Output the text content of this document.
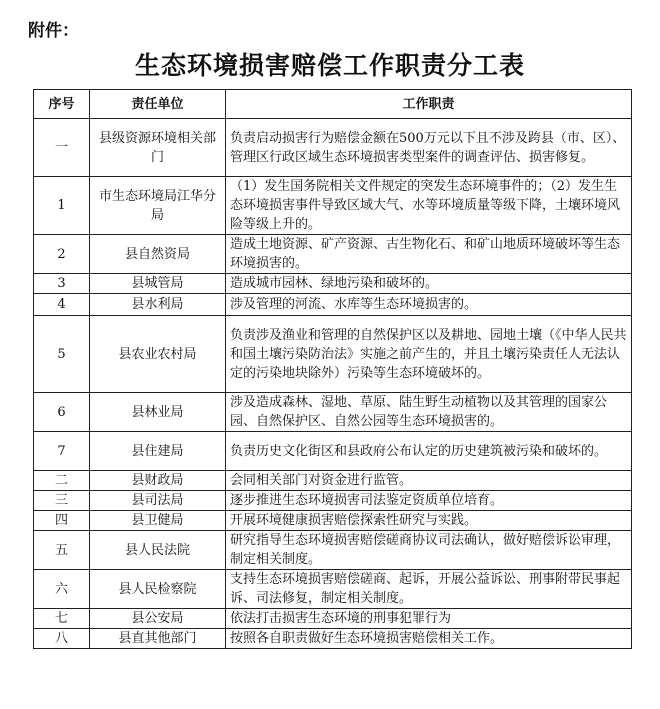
附件：
生态环境损害赔偿工作职责分工表
序号	责任单位	工作职责
一	县级资源环境相关部门	负责启动损害行为赔偿金额在500万元以下且不涉及跨县（市、区）、管理区行政区域生态环境损害类型案件的调查评估、损害修复。
1	市生态环境局江华分局	（1）发生国务院相关文件规定的突发生态环境事件的；（2）发生生态环境损害事件导致区域大气、水等环境质量等级下降，土壤环境风险等级上升的。
2	县自然资局	造成土地资源、矿产资源、古生物化石、和矿山地质环境破坏等生态环境损害的。
3	县城管局	造成城市园林、绿地污染和破坏的。
4	县水利局	涉及管理的河流、水库等生态环境损害的。
5	县农业农村局	负责涉及渔业和管理的自然保护区以及耕地、园地土壤（《中华人民共和国土壤污染防治法》实施之前产生的，并且土壤污染责任人无法认定的污染地块除外）污染等生态环境破坏的。
6	县林业局	涉及造成森林、湿地、草原、陆生野生动植物以及其管理的国家公园、自然保护区、自然公园等生态环境损害的。
7	县住建局	负责历史文化街区和县政府公布认定的历史建筑被污染和破坏的。
二	县财政局	会同相关部门对资金进行监管。
三	县司法局	逐步推进生态环境损害司法鉴定资质单位培育。
四	县卫健局	开展环境健康损害赔偿探索性研究与实践。
五	县人民法院	研究指导生态环境损害赔偿磋商协议司法确认，做好赔偿诉讼审理，制定相关制度。
六	县人民检察院	支持生态环境损害赔偿磋商、起诉，开展公益诉讼、刑事附带民事起诉、司法修复，制定相关制度。
七	县公安局	依法打击损害生态环境的刑事犯罪行为
八	县直其他部门	按照各自职责做好生态环境损害赔偿相关工作。
